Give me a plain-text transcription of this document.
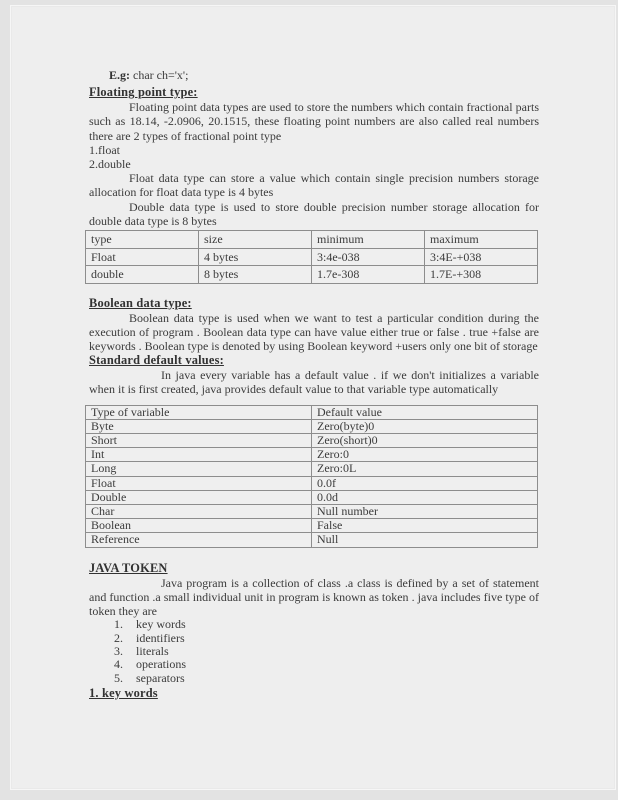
E.g: char ch='x';

Floating point type:

Floating point data types are used to store the numbers which contain fractional parts such as 18.14, -2.0906, 20.1515, these floating point numbers are also called real numbers there are 2 types of fractional point type

1.float

2.double

Float data type can store a value which contain single precision numbers storage allocation for float data type is 4 bytes

Double data type is used to store double precision number storage allocation for double data type is 8 bytes

type	size	minimum	maximum
Float	4 bytes	3:4e-038	3:4E-+038
double	8 bytes	1.7e-308	1.7E-+308
Boolean data type:

Boolean data type is used when we want to test a particular condition during the execution of program . Boolean data type can have value either true or false . true +false are keywords . Boolean type is denoted by using Boolean keyword +users only one bit of storage

Standard default values:

In java every variable has a default value . if we don't initializes a variable when it is first created, java provides default value to that variable type automatically

Type of variable	Default value
Byte	Zero(byte)0
Short	Zero(short)0
Int	Zero:0
Long	Zero:0L
Float	0.0f
Double	0.0d
Char	Null number
Boolean	False
Reference	Null
JAVA TOKEN

Java program is a collection of class .a class is defined by a set of statement and function .a small individual unit in program is known as token . java includes five type of token they are

1.	key words
2.	identifiers
3.	literals
4.	operations
5.	separators
1. key words
